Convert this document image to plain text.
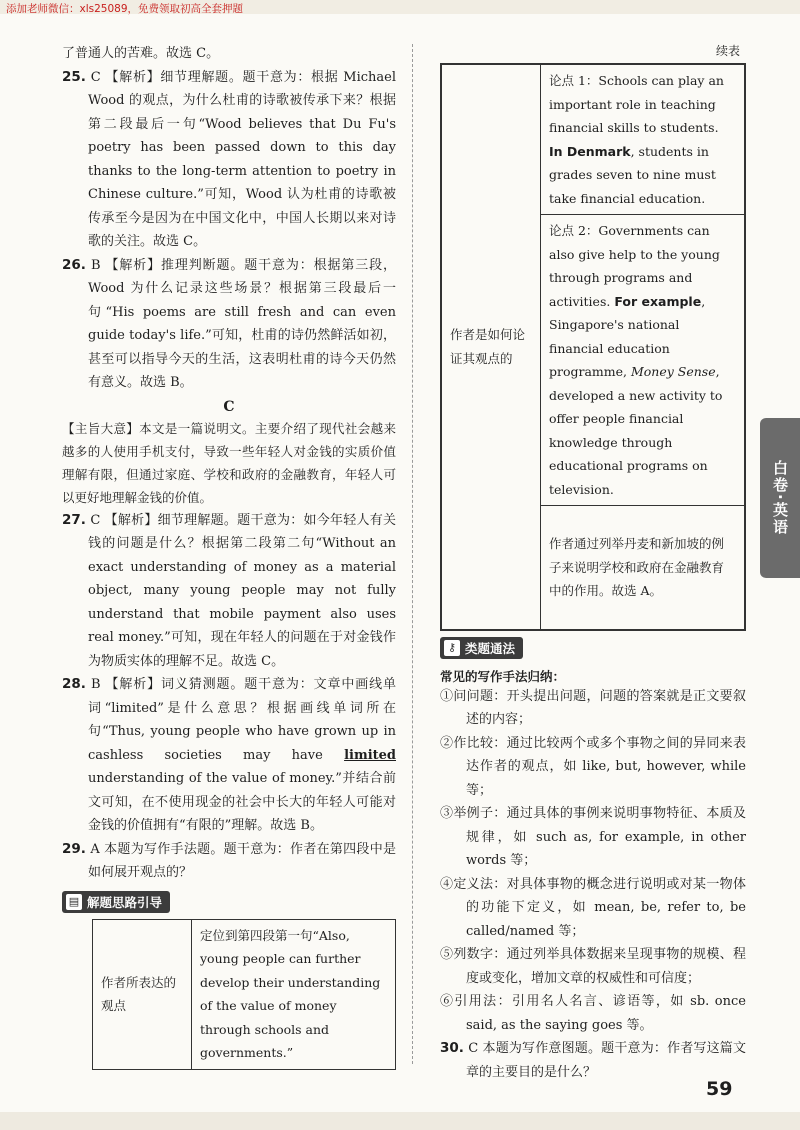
添加老师微信：xls25089，免费领取初高全套押题

了普通人的苦难。故选 C。

25. C 【解析】细节理解题。题干意为：根据 Michael Wood 的观点，为什么杜甫的诗歌被传承下来？根据第二段最后一句“Wood believes that Du Fu's poetry has been passed down to this day thanks to the long-term attention to poetry in Chinese culture.”可知，Wood 认为杜甫的诗歌被传承至今是因为在中国文化中，中国人长期以来对诗歌的关注。故选 C。

26. B 【解析】推理判断题。题干意为：根据第三段，Wood 为什么记录这些场景？根据第三段最后一句“His poems are still fresh and can even guide today's life.”可知，杜甫的诗仍然鲜活如初，甚至可以指导今天的生活，这表明杜甫的诗今天仍然有意义。故选 B。

C

【主旨大意】本文是一篇说明文。主要介绍了现代社会越来越多的人使用手机支付，导致一些年轻人对金钱的实质价值理解有限，但通过家庭、学校和政府的金融教育，年轻人可以更好地理解金钱的价值。

27. C 【解析】细节理解题。题干意为：如今年轻人有关钱的问题是什么？根据第二段第二句“Without an exact understanding of money as a material object, many young people may not fully understand that mobile payment also uses real money.”可知，现在年轻人的问题在于对金钱作为物质实体的理解不足。故选 C。

28. B 【解析】词义猜测题。题干意为：文章中画线单词“limited”是什么意思？根据画线单词所在句“Thus, young people who have grown up in cashless societies may have limited understanding of the value of money.”并结合前文可知，在不使用现金的社会中长大的年轻人可能对金钱的价值拥有“有限的”理解。故选 B。

29. A 本题为写作手法题。题干意为：作者在第四段中是如何展开观点的？

▤ 解题思路引导
作者所表达的观点	定位到第四段第一句“Also, young people can further develop their understanding of the value of money through schools and governments.”
续表
作者是如何论证其观点的	论点 1：Schools can play an important role in teaching financial skills to students. In Denmark, students in grades seven to nine must take financial education.
论点 2：Governments can also give help to the young through programs and activities. For example, Singapore's national financial education programme, Money Sense, developed a new activity to offer people financial knowledge through educational programs on television.
作者通过列举丹麦和新加坡的例子来说明学校和政府在金融教育中的作用。故选 A。
⚷ 类题通法
常见的写作手法归纳：

①问问题：开头提出问题，问题的答案就是正文要叙述的内容；

②作比较：通过比较两个或多个事物之间的异同来表达作者的观点，如 like, but, however, while 等；

③举例子：通过具体的事例来说明事物特征、本质及规律，如 such as, for example, in other words 等；

④定义法：对具体事物的概念进行说明或对某一物体的功能下定义，如 mean, be, refer to, be called/named 等；

⑤列数字：通过列举具体数据来呈现事物的规模、程度或变化，增加文章的权威性和可信度；

⑥引用法：引用名人名言、谚语等，如 sb. once said, as the saying goes 等。

30. C 本题为写作意图题。题干意为：作者写这篇文章的主要目的是什么？

白卷·英语
59
